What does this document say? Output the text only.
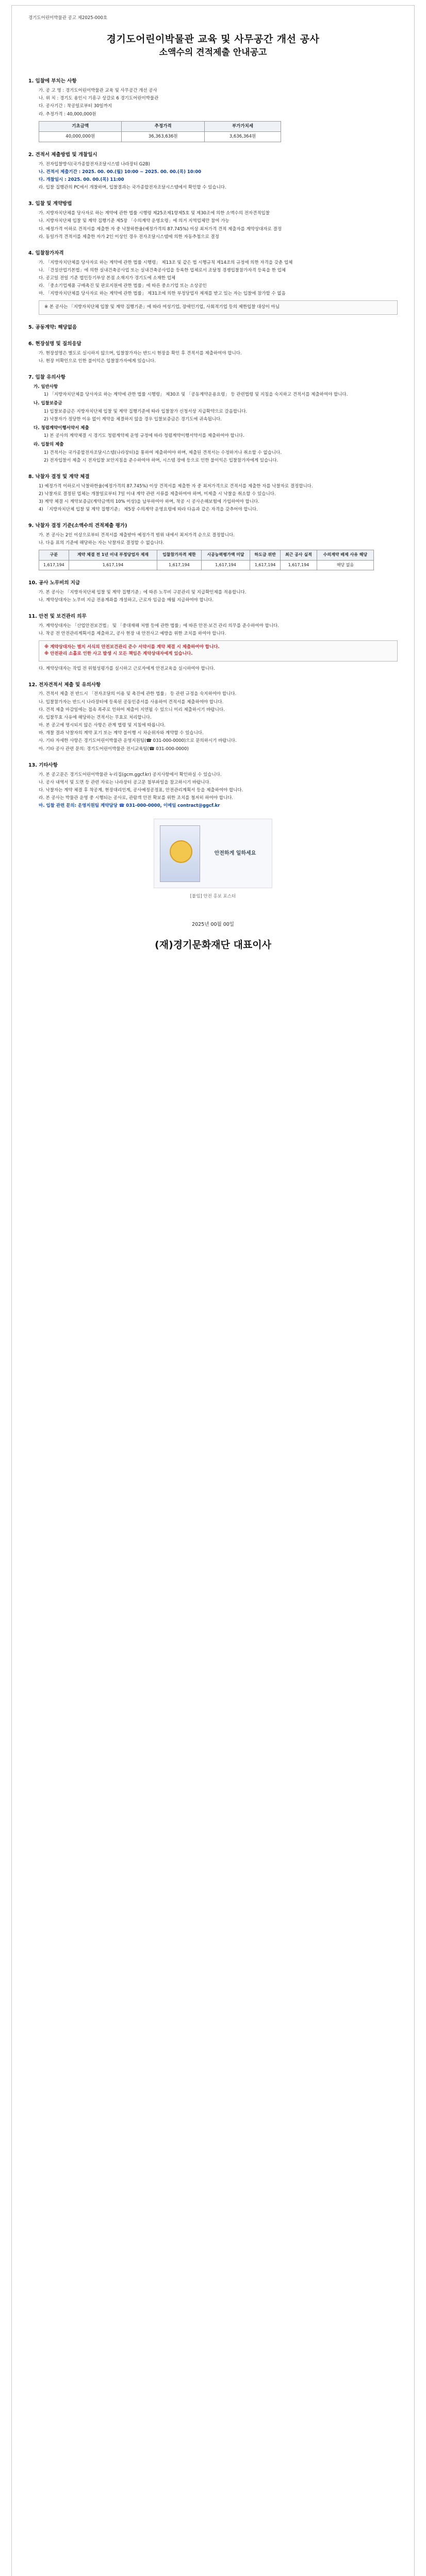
경기도어린이박물관 공고 제2025-000호
경기도어린이박물관 교육 및 사무공간 개선 공사
소액수의 견적제출 안내공고
1. 입찰에 부치는 사항
가. 공 고 명 : 경기도어린이박물관 교육 및 사무공간 개선 공사
나. 위 치 : 경기도 용인시 기흥구 상갈로 6 경기도어린이박물관
다. 공사기간 : 착공일로부터 30일까지
라. 추정가격 : 40,000,000원
기초금액	추정가격	부가가치세
40,000,000원	36,363,636원	3,636,364원
2. 견적서 제출방법 및 개찰일시
가. 전자입찰방식(국가종합전자조달시스템 나라장터 G2B)
나. 견적서 제출기간 : 2025. 00. 00.(월) 10:00 ~ 2025. 00. 00.(목) 10:00
다. 개찰일시 : 2025. 00. 00.(목) 11:00
라. 입찰 집행관의 PC에서 개찰하며, 입찰결과는 국가종합전자조달시스템에서 확인할 수 있습니다.
3. 입찰 및 계약방법
가. 지방자치단체를 당사자로 하는 계약에 관한 법률 시행령 제25조제1항제5호 및 제30조에 의한 소액수의 전자견적입찰
나. 지방자치단체 입찰 및 계약 집행기준 제5장 「수의계약 운영요령」에 의거 지역업체만 참여 가능
다. 예정가격 이하로 견적서를 제출한 자 중 낙찰하한율(예정가격의 87.745%) 이상 최저가격 견적 제출자를 계약상대자로 결정
라. 동일가격 견적서를 제출한 자가 2인 이상인 경우 전자조달시스템에 의한 자동추첨으로 결정
4. 입찰참가자격
가. 「지방자치단체를 당사자로 하는 계약에 관한 법률 시행령」 제13조 및 같은 법 시행규칙 제14조의 규정에 의한 자격을 갖춘 업체
나. 「건설산업기본법」에 의한 실내건축공사업 또는 실내건축공사업을 등록한 업체로서 조달청 경쟁입찰참가자격 등록을 한 업체
다. 공고일 전일 기준 법인등기부상 본점 소재지가 경기도에 소재한 업체
라. 「중소기업제품 구매촉진 및 판로지원에 관한 법률」에 따른 중소기업 또는 소상공인
마. 「지방자치단체를 당사자로 하는 계약에 관한 법률」 제31조에 의한 부정당업자 제재를 받고 있는 자는 입찰에 참가할 수 없음
※ 본 공사는 「지방자치단체 입찰 및 계약 집행기준」에 따라 여성기업, 장애인기업, 사회적기업 등의 제한입찰 대상이 아님
5. 공동계약: 해당없음
6. 현장설명 및 질의응답
가. 현장설명은 별도로 실시하지 않으며, 입찰참가자는 반드시 현장을 확인 후 견적서를 제출하여야 합니다.
나. 현장 미확인으로 인한 불이익은 입찰참가자에게 있습니다.
7. 입찰 유의사항
가. 일반사항
1) 「지방자치단체를 당사자로 하는 계약에 관한 법률 시행령」 제30조 및 「공동계약운용요령」 등 관련법령 및 지침을 숙지하고 견적서를 제출하여야 합니다.
나. 입찰보증금
1) 입찰보증금은 지방자치단체 입찰 및 계약 집행기준에 따라 입찰참가 신청서상 지급확약으로 갈음합니다.
2) 낙찰자가 정당한 이유 없이 계약을 체결하지 않을 경우 입찰보증금은 경기도에 귀속됩니다.
다. 청렴계약이행서약서 제출
1) 본 공사의 계약체결 시 경기도 청렴계약제 운영 규정에 따라 청렴계약이행서약서를 제출하여야 합니다.
라. 입찰의 제출
1) 견적서는 국가종합전자조달시스템(나라장터)을 통하여 제출하여야 하며, 제출된 견적서는 수정하거나 취소할 수 없습니다.
2) 전자입찰서 제출 시 전자입찰 보안지침을 준수하여야 하며, 시스템 장애 등으로 인한 불이익은 입찰참가자에게 있습니다.
8. 낙찰자 결정 및 계약 체결
1) 예정가격 이하로서 낙찰하한율(예정가격의 87.745%) 이상 견적서를 제출한 자 중 최저가격으로 견적서를 제출한 자를 낙찰자로 결정합니다.
2) 낙찰자로 결정된 업체는 개찰일로부터 7일 이내 계약 관련 서류를 제출하여야 하며, 미제출 시 낙찰을 취소할 수 있습니다.
3) 계약 체결 시 계약보증금(계약금액의 10% 이상)을 납부하여야 하며, 착공 시 공사손해보험에 가입하여야 합니다.
4) 「지방자치단체 입찰 및 계약 집행기준」 제5장 수의계약 운영요령에 따라 다음과 같은 자격을 갖추어야 합니다.
9. 낙찰자 결정 기준(소액수의 견적제출 평가)
가. 본 공사는 2인 이상으로부터 견적서를 제출받아 예정가격 범위 내에서 최저가격 순으로 결정합니다.
나. 다음 표의 기준에 해당하는 자는 낙찰자로 결정할 수 없습니다.
구분	계약 체결 전 1년 이내 부정당업자 제재	입찰참가자격 제한	시공능력평가액 미달	하도급 위반	최근 공사 실적	수의계약 배제 사유 해당
1,617,194	1,617,194	1,617,194	1,617,194	1,617,194	1,617,194	해당 없음
10. 공사 노무비의 지급
가. 본 공사는 「지방자치단체 입찰 및 계약 집행기준」에 따른 노무비 구분관리 및 지급확인제를 적용합니다.
나. 계약상대자는 노무비 지급 전용계좌를 개설하고, 근로자 임금을 매월 지급하여야 합니다.
11. 안전 및 보건관리 의무
가. 계약상대자는 「산업안전보건법」 및 「중대재해 처벌 등에 관한 법률」에 따른 안전·보건 관리 의무를 준수하여야 합니다.
나. 착공 전 안전관리계획서를 제출하고, 공사 현장 내 안전사고 예방을 위한 조치를 하여야 합니다.
※ 계약상대자는 별지 서식의 안전보건관리 준수 서약서를 계약 체결 시 제출하여야 합니다.
※ 안전관리 소홀로 인한 사고 발생 시 모든 책임은 계약상대자에게 있습니다.
다. 계약상대자는 작업 전 위험성평가를 실시하고 근로자에게 안전교육을 실시하여야 합니다.
12. 전자견적서 제출 및 유의사항
가. 견적서 제출 전 반드시 「전자조달의 이용 및 촉진에 관한 법률」 등 관련 규정을 숙지하여야 합니다.
나. 입찰참가자는 반드시 나라장터에 등록된 공동인증서를 사용하여 견적서를 제출하여야 합니다.
다. 견적 제출 마감일에는 접속 폭주로 인하여 제출이 지연될 수 있으니 미리 제출하시기 바랍니다.
라. 입찰무효 사유에 해당하는 견적서는 무효로 처리합니다.
마. 본 공고에 명시되지 않은 사항은 관계 법령 및 지침에 따릅니다.
바. 개찰 결과 낙찰자의 계약 포기 또는 계약 불이행 시 차순위자와 계약할 수 있습니다.
사. 기타 자세한 사항은 경기도어린이박물관 운영지원팀(☎ 031-000-0000)으로 문의하시기 바랍니다.
아. 기타 공사 관련 문의: 경기도어린이박물관 전시교육팀(☎ 031-000-0000)
13. 기타사항
가. 본 공고문은 경기도어린이박물관 누리집(gcm.ggcf.kr) 공지사항에서 확인하실 수 있습니다.
나. 공사 내역서 및 도면 등 관련 자료는 나라장터 공고문 첨부파일을 참고하시기 바랍니다.
다. 낙찰자는 계약 체결 후 착공계, 현장대리인계, 공사예정공정표, 안전관리계획서 등을 제출하여야 합니다.
라. 본 공사는 박물관 운영 중 시행되는 공사로, 관람객 안전 확보를 위한 조치를 철저히 하여야 합니다.
마. 입찰 관련 문의: 운영지원팀 계약담당 ☎ 031-000-0000, 이메일 contract@ggcf.kr
안전하게 일하세요
[붙임] 안전 홍보 포스터
2025년 00월 00일
(재)경기문화재단 대표이사
